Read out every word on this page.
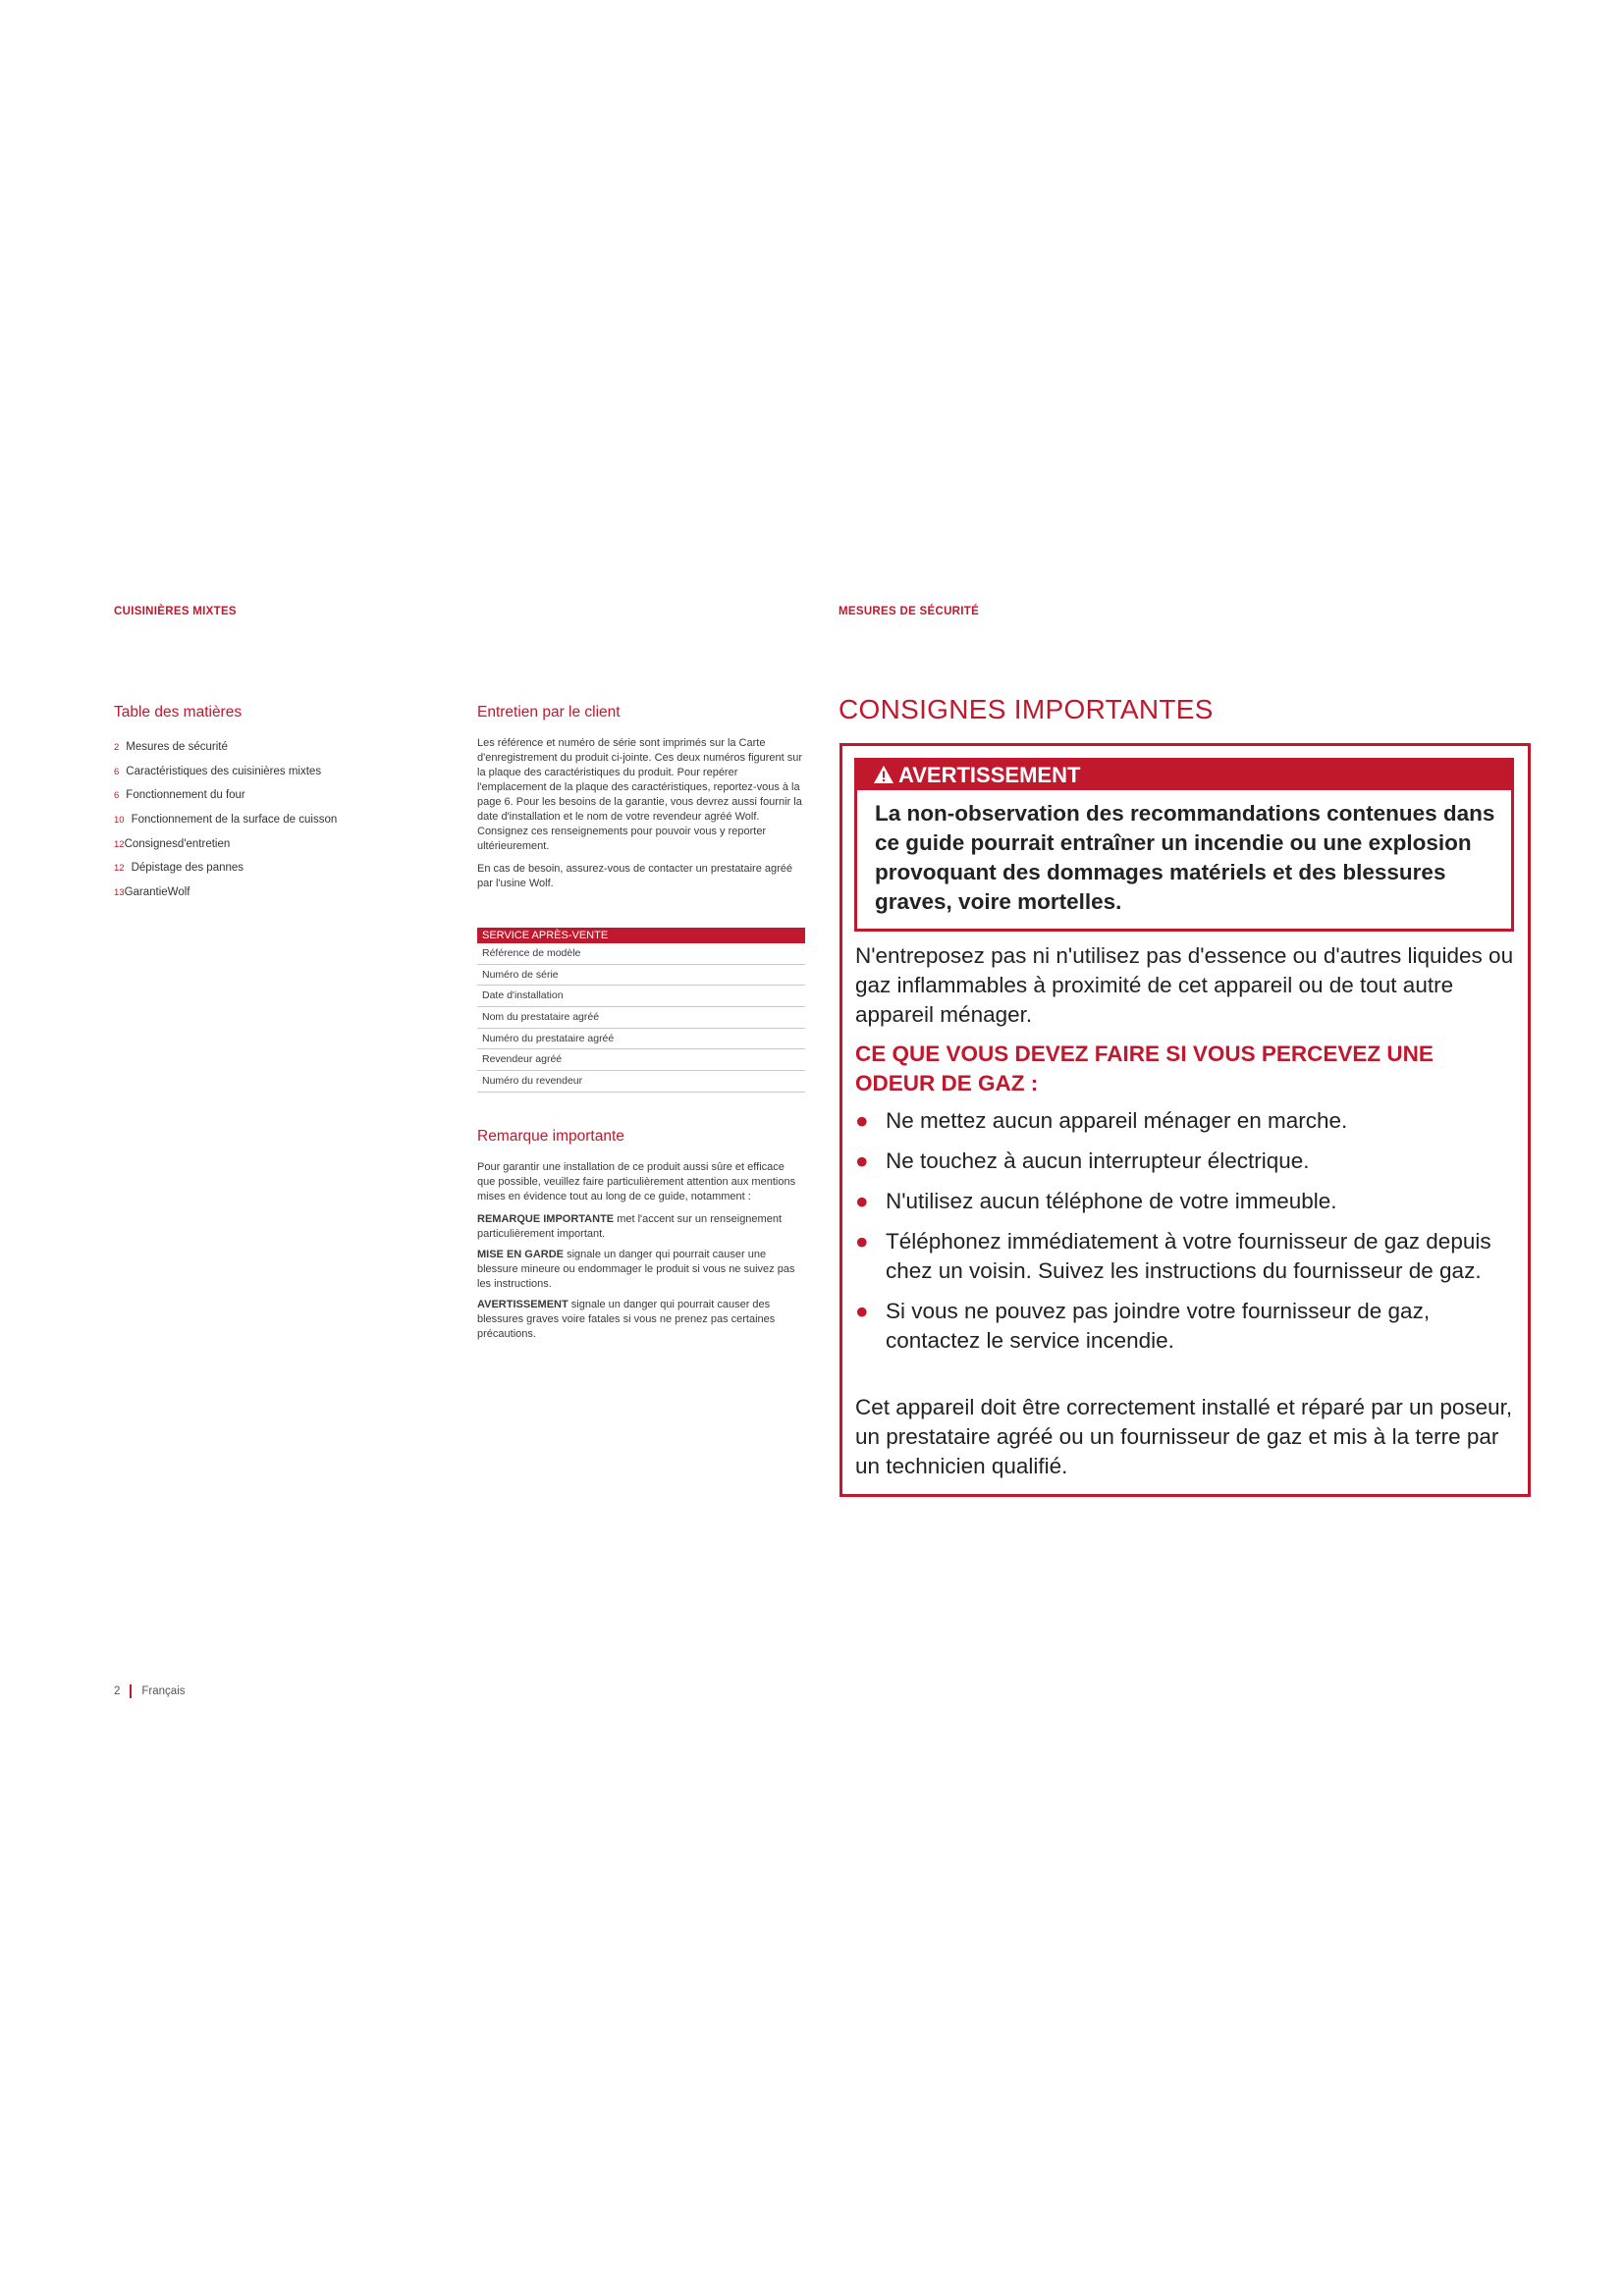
CUISINIÈRES MIXTES	MESURES DE SÉCURITÉ
Table des matières
2 Mesures de sécurité
6 Caractéristiques des cuisinières mixtes
6 Fonctionnement du four
10 Fonctionnement de la surface de cuisson
12Consignesd'entretien
12 Dépistage des pannes
13GarantieWolf
Entretien par le client

Les référence et numéro de série sont imprimés sur la Carte d'enregistrement du produit ci-jointe. Ces deux numéros figurent sur la plaque des caractéristiques du produit. Pour repérer l'emplacement de la plaque des caractéristiques, reportez-vous à la page 6. Pour les besoins de la garantie, vous devrez aussi fournir la date d'installation et le nom de votre revendeur agréé Wolf. Consignez ces renseignements pour pouvoir vous y reporter ultérieurement.

En cas de besoin, assurez-vous de contacter un prestataire agréé par l'usine Wolf.

SERVICE APRÈS-VENTE
Référence de modèle
Numéro de série
Date d'installation
Nom du prestataire agréé
Numéro du prestataire agréé
Revendeur agréé
Numéro du revendeur
Remarque importante

Pour garantir une installation de ce produit aussi sûre et efficace que possible, veuillez faire particulièrement attention aux mentions mises en évidence tout au long de ce guide, notamment :

REMARQUE IMPORTANTE met l'accent sur un renseignement particulièrement important.

MISE EN GARDE signale un danger qui pourrait causer une blessure mineure ou endommager le produit si vous ne suivez pas les instructions.

AVERTISSEMENT signale un danger qui pourrait causer des blessures graves voire fatales si vous ne prenez pas certaines précautions.

CONSIGNES IMPORTANTES
AVERTISSEMENT
La non-observation des recommandations contenues dans ce guide pourrait entraîner un incendie ou une explosion provoquant des dommages matériels et des blessures graves, voire mortelles.
N'entreposez pas ni n'utilisez pas d'essence ou d'autres liquides ou gaz inflammables à proximité de cet appareil ou de tout autre appareil ménager.
CE QUE VOUS DEVEZ FAIRE SI VOUS PERCEVEZ UNE ODEUR DE GAZ :
● Ne mettez aucun appareil ménager en marche.
● Ne touchez à aucun interrupteur électrique.
● N'utilisez aucun téléphone de votre immeuble.
● Téléphonez immédiatement à votre fournisseur de gaz depuis chez un voisin. Suivez les instructions du fournisseur de gaz.
● Si vous ne pouvez pas joindre votre fournisseur de gaz, contactez le service incendie.
Cet appareil doit être correctement installé et réparé par un poseur, un prestataire agréé ou un fournisseur de gaz et mis à la terre par un technicien qualifié.
2 Français
